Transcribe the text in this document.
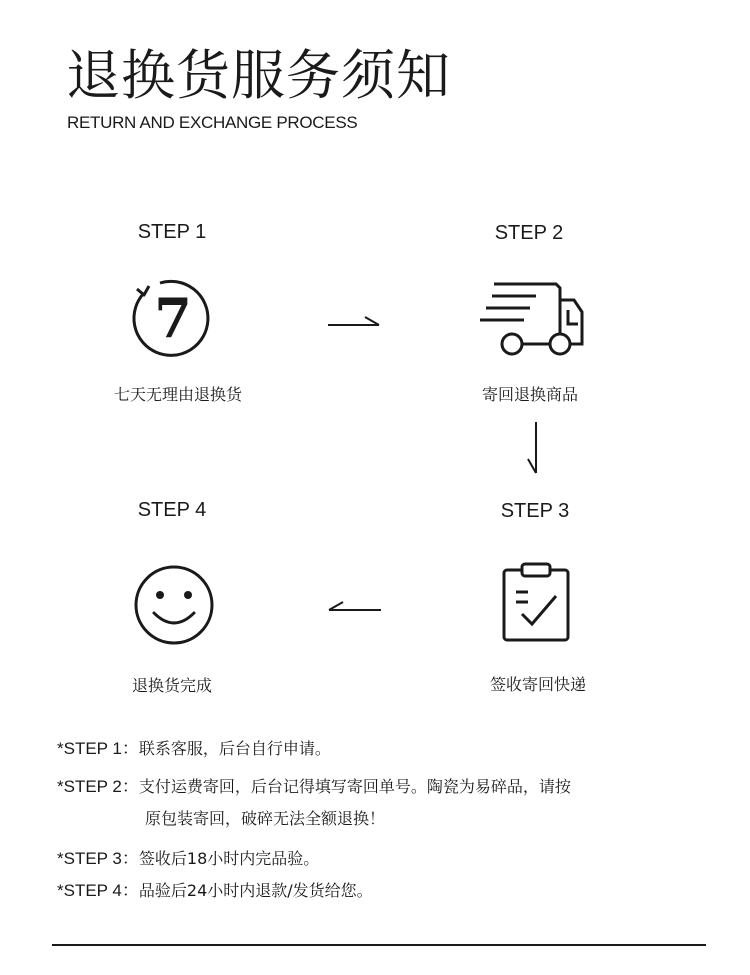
退换货服务须知
RETURN AND EXCHANGE PROCESS
STEP 1
7
七天无理由退换货
STEP 2
寄回退换商品
STEP 3
签收寄回快递
STEP 4
退换货完成
*STEP 1：联系客服，后台自行申请。
*STEP 2：支付运费寄回，后台记得填写寄回单号。陶瓷为易碎品，请按
原包装寄回，破碎无法全额退换！
*STEP 3：签收后18小时内完品验。
*STEP 4：品验后24小时内退款/发货给您。
